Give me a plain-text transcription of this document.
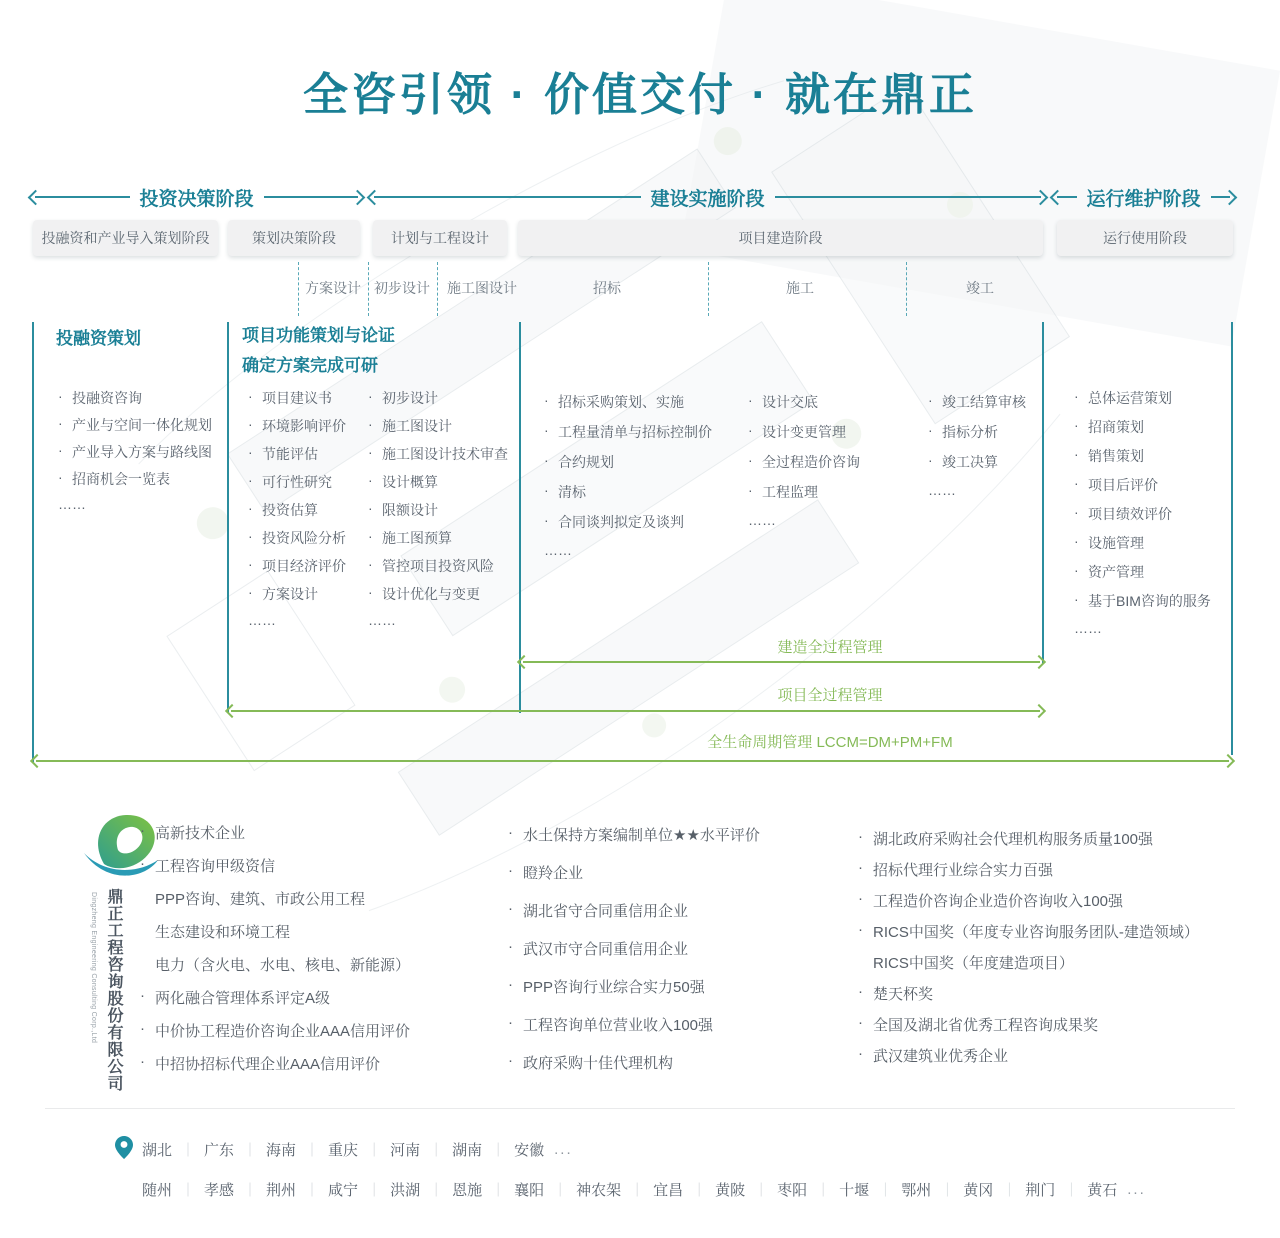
全咨引领 · 价值交付 · 就在鼎正
投资决策阶段	建设实施阶段	运行维护阶段
投融资和产业导入策划阶段	策划决策阶段	计划与工程设计	项目建造阶段	运行使用阶段
方案设计 初步设计	施工图设计	招标	施工	竣工
投融资策划	项目功能策划与论证
确定方案完成可研
· 投融资咨询
· 产业与空间一体化规划
· 产业导入方案与路线图
· 招商机会一览表
……
· 项目建议书
· 环境影响评价
· 节能评估
· 可行性研究
· 投资估算
· 投资风险分析
· 项目经济评价
· 方案设计
……
· 初步设计
· 施工图设计
· 施工图设计技术审查
· 设计概算
· 限额设计
· 施工图预算
· 管控项目投资风险
· 设计优化与变更
……
· 招标采购策划、实施
· 工程量清单与招标控制价
· 合约规划
· 清标
· 合同谈判拟定及谈判
……
· 设计交底
· 设计变更管理
· 全过程造价咨询
· 工程监理
……
· 竣工结算审核
· 指标分析
· 竣工决算
……
· 总体运营策划
· 招商策划
· 销售策划
· 项目后评价
· 项目绩效评价
· 设施管理
· 资产管理
· 基于BIM咨询的服务
……
建造全过程管理
项目全过程管理
全生命周期管理 LCCM=DM+PM+FM
Dingzheng Engineering Consulting Corp.,Ltd 鼎正工程咨询股份有限公司
· 高新技术企业
· 工程咨询甲级资信
PPP咨询、建筑、市政公用工程
生态建设和环境工程
电力（含火电、水电、核电、新能源）
· 两化融合管理体系评定A级
· 中价协工程造价咨询企业AAA信用评价
· 中招协招标代理企业AAA信用评价
· 水土保持方案编制单位★★水平评价
· 瞪羚企业
· 湖北省守合同重信用企业
· 武汉市守合同重信用企业
· PPP咨询行业综合实力50强
· 工程咨询单位营业收入100强
· 政府采购十佳代理机构
· 湖北政府采购社会代理机构服务质量100强
· 招标代理行业综合实力百强
· 工程造价咨询企业造价咨询收入100强
· RICS中国奖（年度专业咨询服务团队-建造领域）
RICS中国奖（年度建造项目）
· 楚天杯奖
· 全国及湖北省优秀工程咨询成果奖
· 武汉建筑业优秀企业
湖北 ｜ 广东 ｜ 海南 ｜ 重庆 ｜ 河南 ｜ 湖南 ｜ 安徽 ...
随州 ｜ 孝感 ｜ 荆州 ｜ 咸宁 ｜ 洪湖 ｜ 恩施 ｜ 襄阳 ｜ 神农架 ｜ 宜昌 ｜ 黄陂 ｜ 枣阳 ｜ 十堰 ｜ 鄂州 ｜ 黄冈 ｜ 荆门 ｜ 黄石 ...
